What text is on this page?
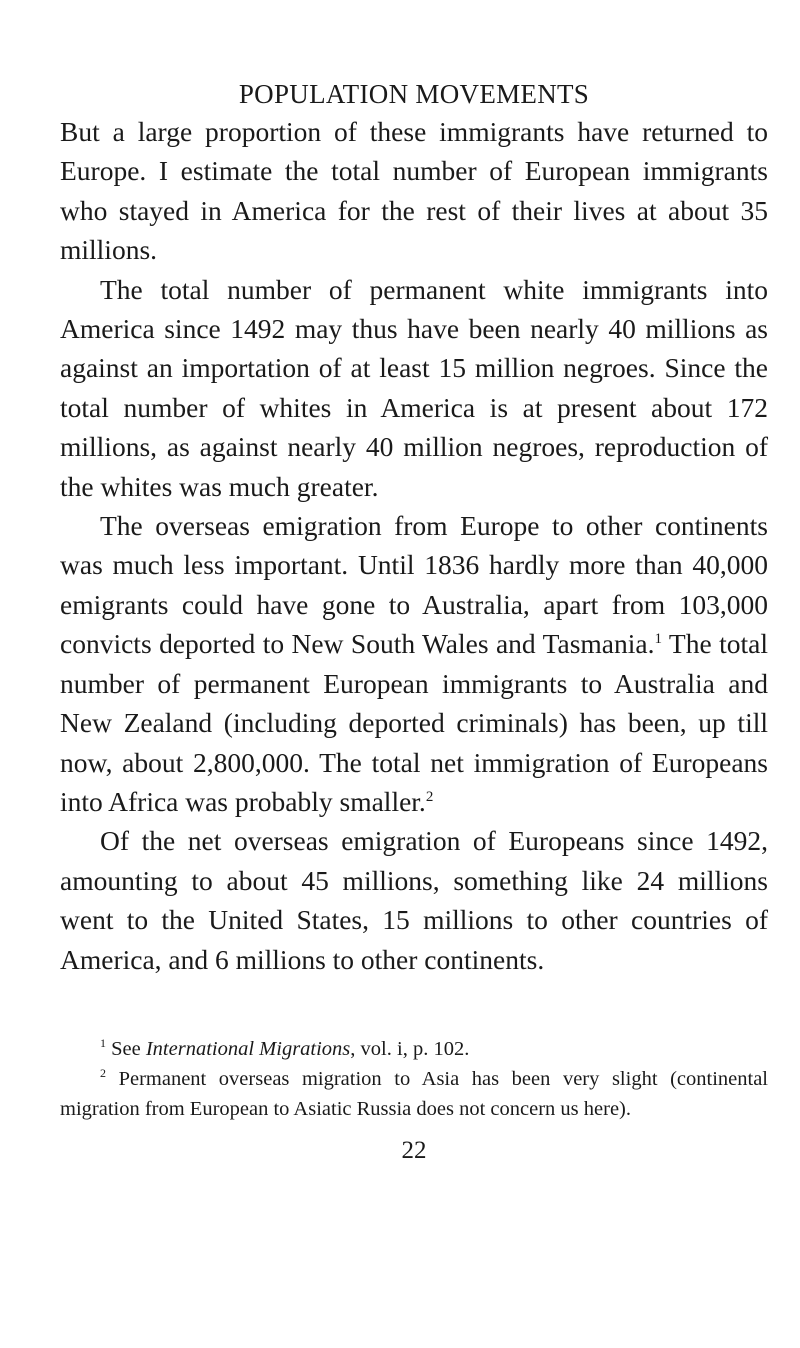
POPULATION MOVEMENTS

But a large proportion of these immigrants have returned to Europe. I estimate the total number of European immigrants who stayed in America for the rest of their lives at about 35 millions.

The total number of permanent white immigrants into America since 1492 may thus have been nearly 40 millions as against an importation of at least 15 million negroes. Since the total number of whites in America is at present about 172 millions, as against nearly 40 million negroes, reproduction of the whites was much greater.

The overseas emigration from Europe to other continents was much less important. Until 1836 hardly more than 40,000 emigrants could have gone to Australia, apart from 103,000 convicts deported to New South Wales and Tasmania.$^1$ The total number of permanent European immigrants to Australia and New Zealand (including deported criminals) has been, up till now, about 2,800,000. The total net immigration of Europeans into Africa was probably smaller.$^2$

Of the net overseas emigration of Europeans since 1492, amounting to about 45 millions, something like 24 millions went to the United States, 15 millions to other countries of America, and 6 millions to other continents.

$^1$ See International Migrations, vol. i, p. 102.

$^2$ Permanent overseas migration to Asia has been very slight (continental migration from European to Asiatic Russia does not concern us here).

22
